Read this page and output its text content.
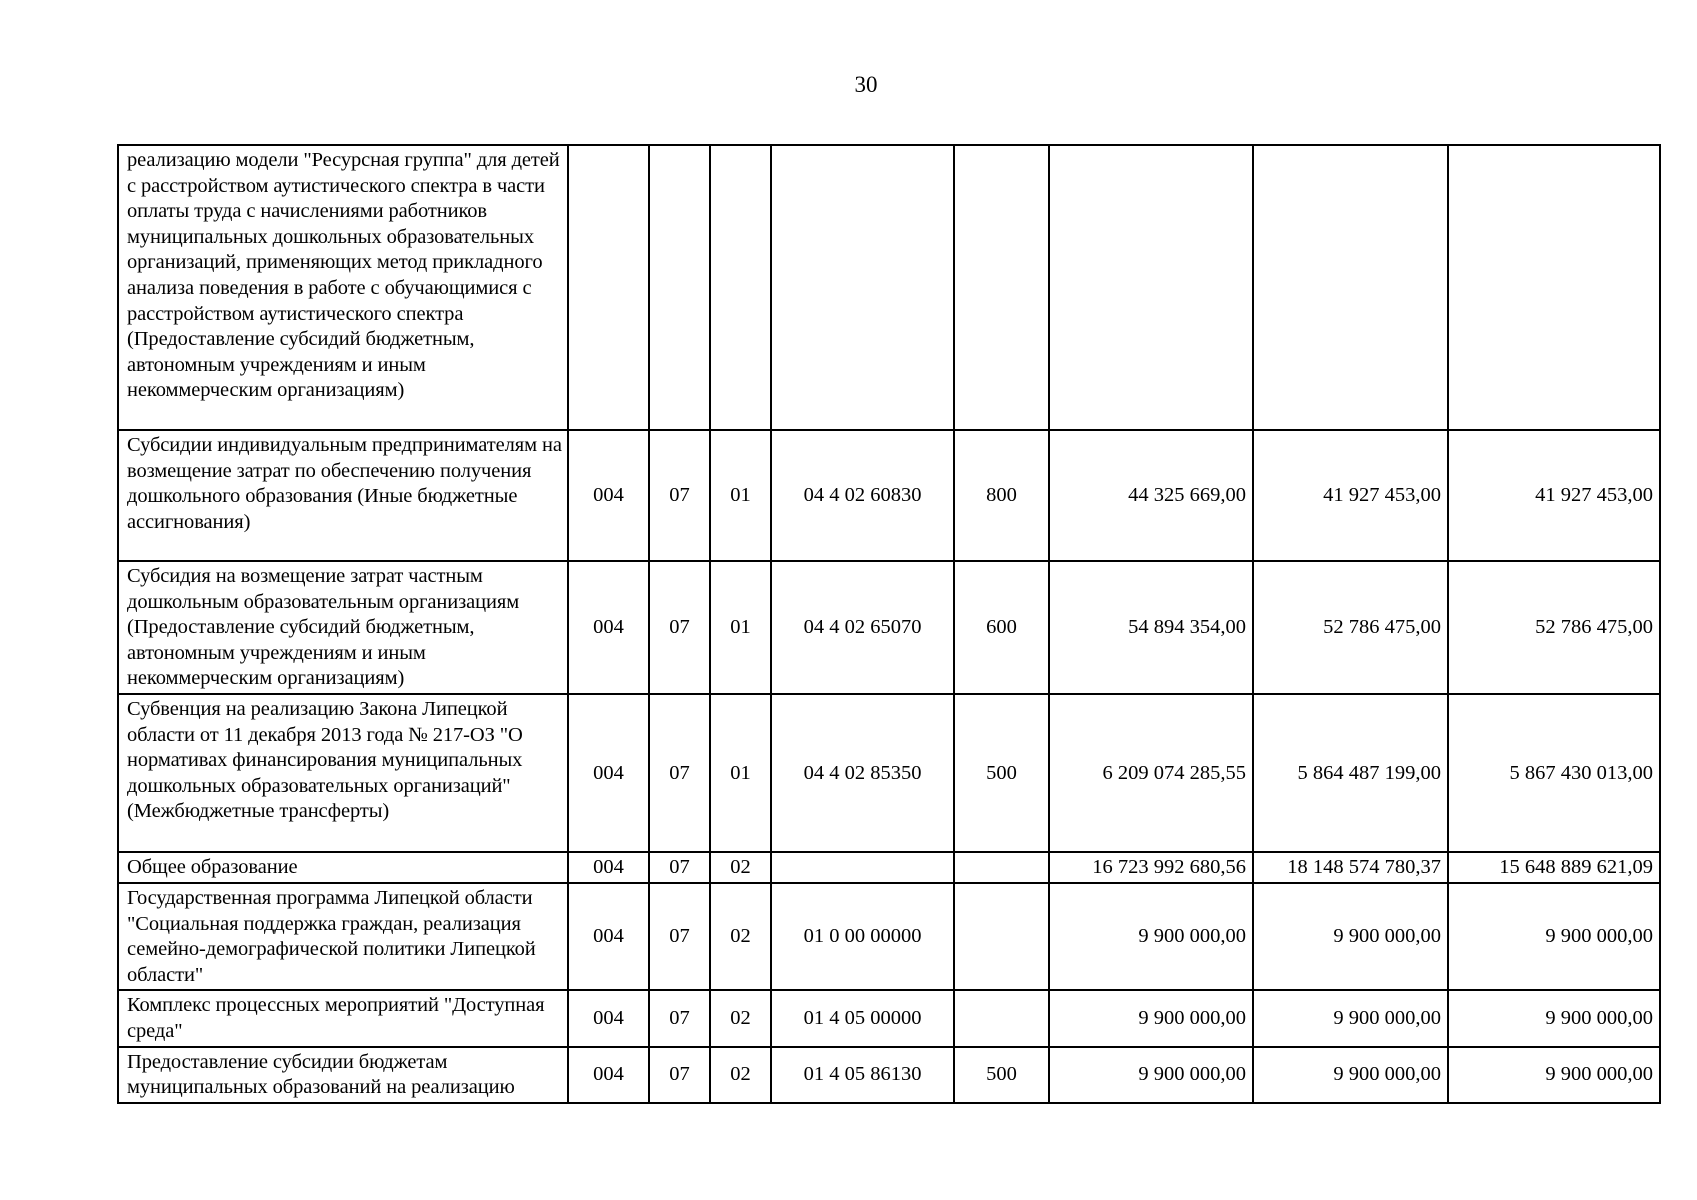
30
реализацию модели "Ресурсная группа" для детей с расстройством аутистического спектра в части оплаты труда с начислениями работников муниципальных дошкольных образовательных организаций, применяющих метод прикладного анализа поведения в работе с обучающимися с расстройством аутистического спектра (Предоставление субсидий бюджетным, автономным учреждениям и иным некоммерческим организациям)								
Субсидии индивидуальным предпринимателям на возмещение затрат по обеспечению получения дошкольного образования (Иные бюджетные ассигнования)	004	07	01	04 4 02 60830	800	44 325 669,00	41 927 453,00	41 927 453,00
Субсидия на возмещение затрат частным дошкольным образовательным организациям (Предоставление субсидий бюджетным, автономным учреждениям и иным некоммерческим организациям)	004	07	01	04 4 02 65070	600	54 894 354,00	52 786 475,00	52 786 475,00
Субвенция на реализацию Закона Липецкой области от 11 декабря 2013 года № 217-ОЗ "О нормативах финансирования муниципальных дошкольных образовательных организаций" (Межбюджетные трансферты)	004	07	01	04 4 02 85350	500	6 209 074 285,55	5 864 487 199,00	5 867 430 013,00
Общее образование	004	07	02			16 723 992 680,56	18 148 574 780,37	15 648 889 621,09
Государственная программа Липецкой области "Социальная поддержка граждан, реализация семейно-демографической политики Липецкой области"	004	07	02	01 0 00 00000		9 900 000,00	9 900 000,00	9 900 000,00
Комплекс процессных мероприятий "Доступная среда"	004	07	02	01 4 05 00000		9 900 000,00	9 900 000,00	9 900 000,00
Предоставление субсидии бюджетам муниципальных образований на реализацию	004	07	02	01 4 05 86130	500	9 900 000,00	9 900 000,00	9 900 000,00
